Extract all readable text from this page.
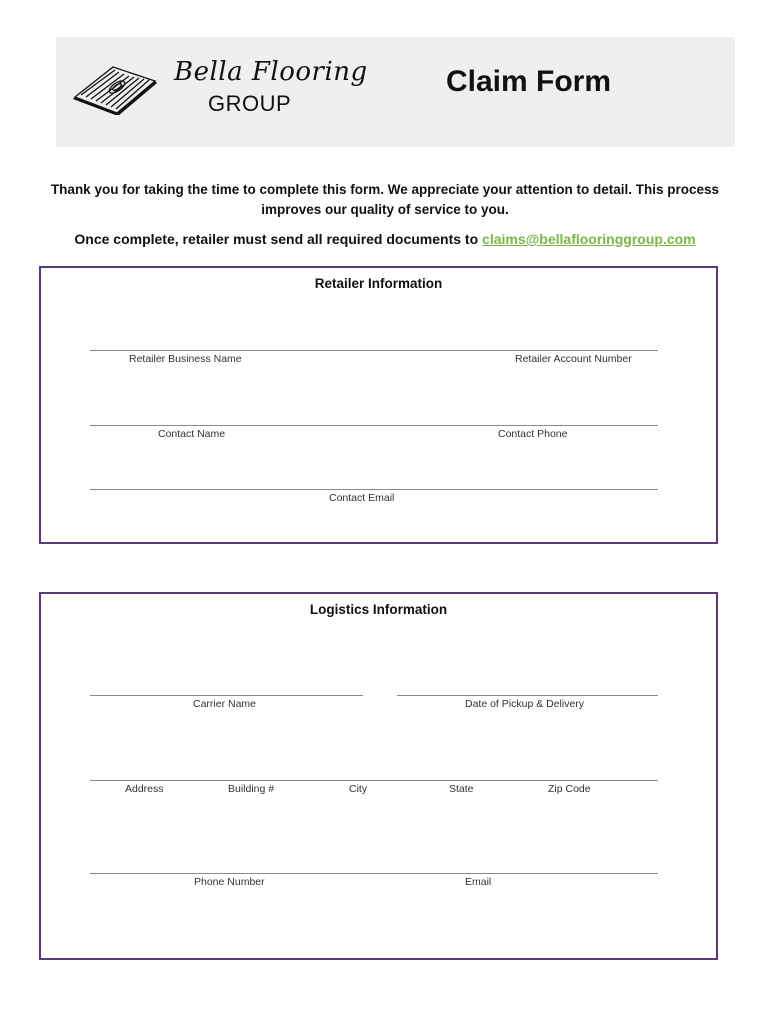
Bella Flooring
GROUP
Claim Form
Thank you for taking the time to complete this form. We appreciate your attention to detail. This process improves our quality of service to you.
Once complete, retailer must send all required documents to claims@bellaflooringgroup.com
Retailer Information
Retailer Business Name	Retailer Account Number
Contact Name	Contact Phone
Contact Email
Logistics Information
Carrier Name	Date of Pickup & Delivery
Address	Building #	City	State	Zip Code
Phone Number	Email
